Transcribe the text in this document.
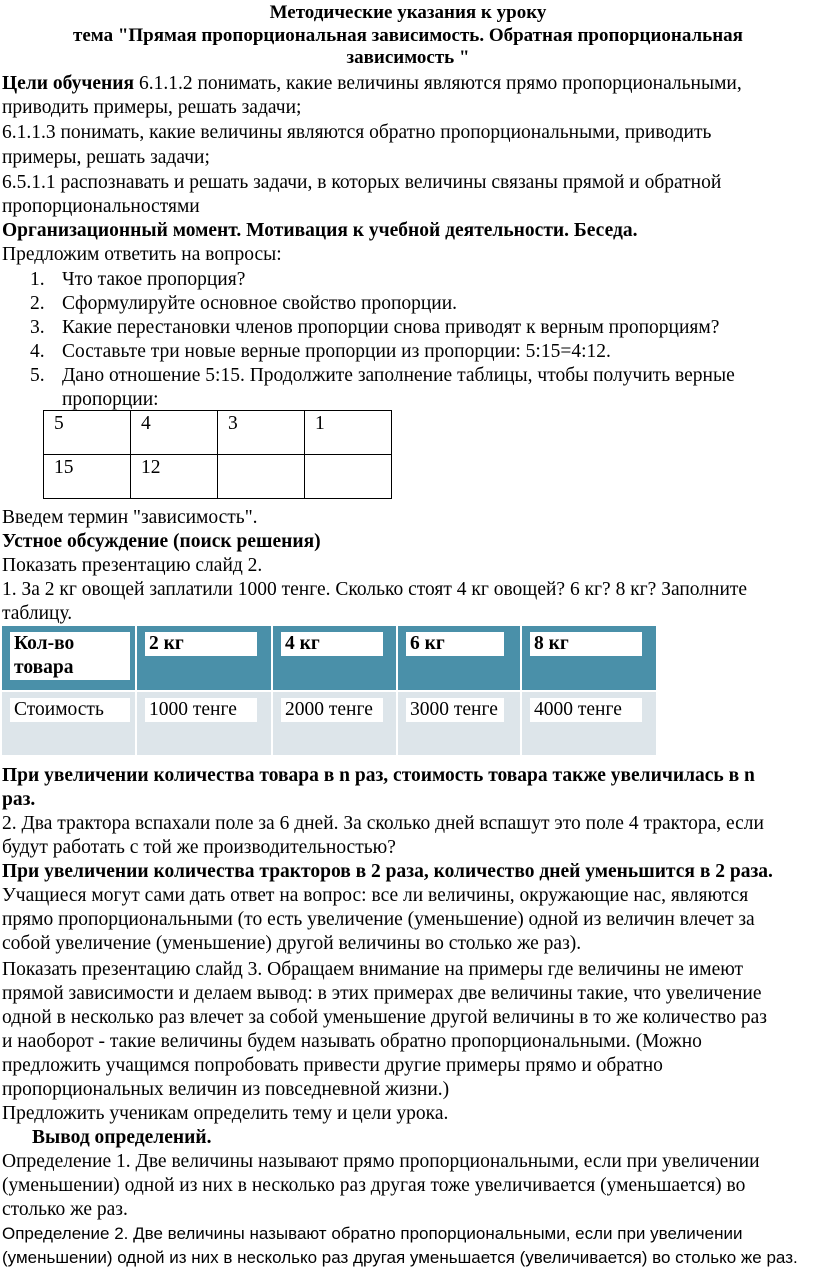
Методические указания к уроку
тема "Прямая пропорциональная зависимость. Обратная пропорциональная зависимость "
Цели обучения 6.1.1.2 понимать, какие величины являются прямо пропорциональными,
приводить примеры, решать задачи;
6.1.1.3 понимать, какие величины являются обратно пропорциональными, приводить
примеры, решать задачи;
6.5.1.1 распознавать и решать задачи, в которых величины связаны прямой и обратной
пропорциональностями
Организационный момент. Мотивация к учебной деятельности. Беседа.
Предложим ответить на вопросы:
1. Что такое пропорция?
2. Сформулируйте основное свойство пропорции.
3. Какие перестановки членов пропорции снова приводят к верным пропорциям?
4. Составьте три новые верные пропорции из пропорции: 5:15=4:12.
5. Дано отношение 5:15. Продолжите заполнение таблицы, чтобы получить верные
пропорции:
5	4	3	1
15	12		
Введем термин "зависимость".
Устное обсуждение (поиск решения)
Показать презентацию слайд 2.
1. За 2 кг овощей заплатили 1000 тенге. Сколько стоят 4 кг овощей? 6 кг? 8 кг? Заполните
таблицу.
Кол-во товара	2 кг	4 кг	6 кг	8 кг
Стоимость	1000 тенге	2000 тенге	3000 тенге	4000 тенге
При увеличении количества товара в n раз, стоимость товара также увеличилась в n
раз.
2. Два трактора вспахали поле за 6 дней. За сколько дней вспашут это поле 4 трактора, если
будут работать с той же производительностью?
При увеличении количества тракторов в 2 раза, количество дней уменьшится в 2 раза.
Учащиеся могут сами дать ответ на вопрос: все ли величины, окружающие нас, являются
прямо пропорциональными (то есть увеличение (уменьшение) одной из величин влечет за
собой увеличение (уменьшение) другой величины во столько же раз).
Показать презентацию слайд 3. Обращаем внимание на примеры где величины не имеют
прямой зависимости и делаем вывод: в этих примерах две величины такие, что увеличение
одной в несколько раз влечет за собой уменьшение другой величины в то же количество раз
и наоборот - такие величины будем называть обратно пропорциональными. (Можно
предложить учащимся попробовать привести другие примеры прямо и обратно
пропорциональных величин из повседневной жизни.)
Предложить ученикам определить тему и цели урока.
Вывод определений.
Определение 1. Две величины называют прямо пропорциональными, если при увеличении
(уменьшении) одной из них в несколько раз другая тоже увеличивается (уменьшается) во
столько же раз.
Определение 2. Две величины называют обратно пропорциональными, если при увеличении
(уменьшении) одной из них в несколько раз другая уменьшается (увеличивается) во столько же раз.
